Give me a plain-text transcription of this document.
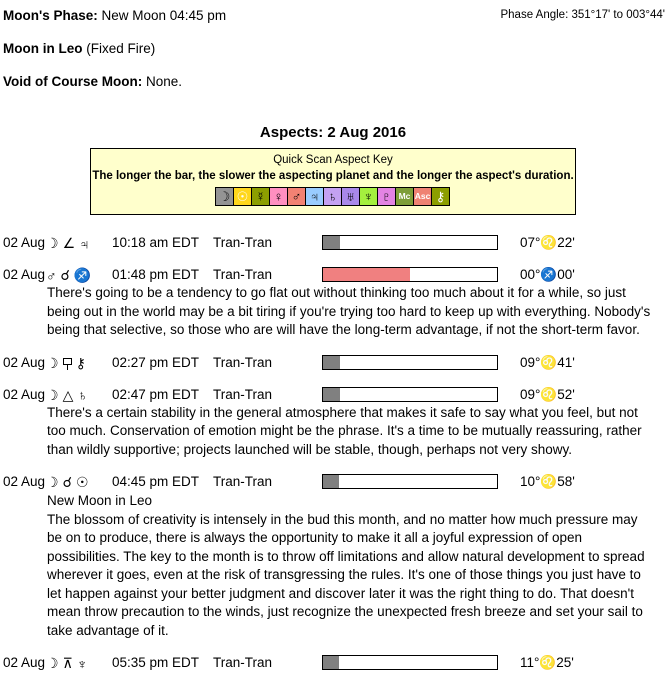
Moon's Phase: New Moon 04:45 pm	Phase Angle: 351°17' to 003°44'
Moon in Leo (Fixed Fire)
Void of Course Moon: None.
Aspects: 2 Aug 2016
Quick Scan Aspect Key
The longer the bar, the slower the aspecting planet and the longer the aspect's duration.
☽ ☉ ☿ ♀ ♂ ♃ ♄ ♅ ♆ ♇ Mc Asc ⚷
02 Aug ☽ ∠ ♃ 10:18 am EDT Tran-Tran	07°♌22'
02 Aug ♂ ☌ ♐ 01:48 pm EDT Tran-Tran	00°♐00'
There's going to be a tendency to go flat out without thinking too much about it for a while, so just being out in the world may be a bit tiring if you're trying too hard to keep up with everything. Nobody's being that selective, so those who are will have the long-term advantage, if not the short-term favor.
02 Aug ☽ ⚷ 02:27 pm EDT Tran-Tran	09°♌41'
02 Aug ☽ △ ♄ 02:47 pm EDT Tran-Tran	09°♌52'
There's a certain stability in the general atmosphere that makes it safe to say what you feel, but not too much. Conservation of emotion might be the phrase. It's a time to be mutually reassuring, rather than wildly supportive; projects launched will be stable, though, perhaps not very showy.
02 Aug ☽ ☌ ☉ 04:45 pm EDT Tran-Tran	10°♌58'
New Moon in Leo
The blossom of creativity is intensely in the bud this month, and no matter how much pressure may be on to produce, there is always the opportunity to make it all a joyful expression of open possibilities. The key to the month is to throw off limitations and allow natural development to spread wherever it goes, even at the risk of transgressing the rules. It's one of those things you just have to let happen against your better judgment and discover later it was the right thing to do. That doesn't mean throw precaution to the winds, just recognize the unexpected fresh breeze and set your sail to take advantage of it.
02 Aug ☽ ⊼ ♆ 05:35 pm EDT Tran-Tran	11°♌25'
